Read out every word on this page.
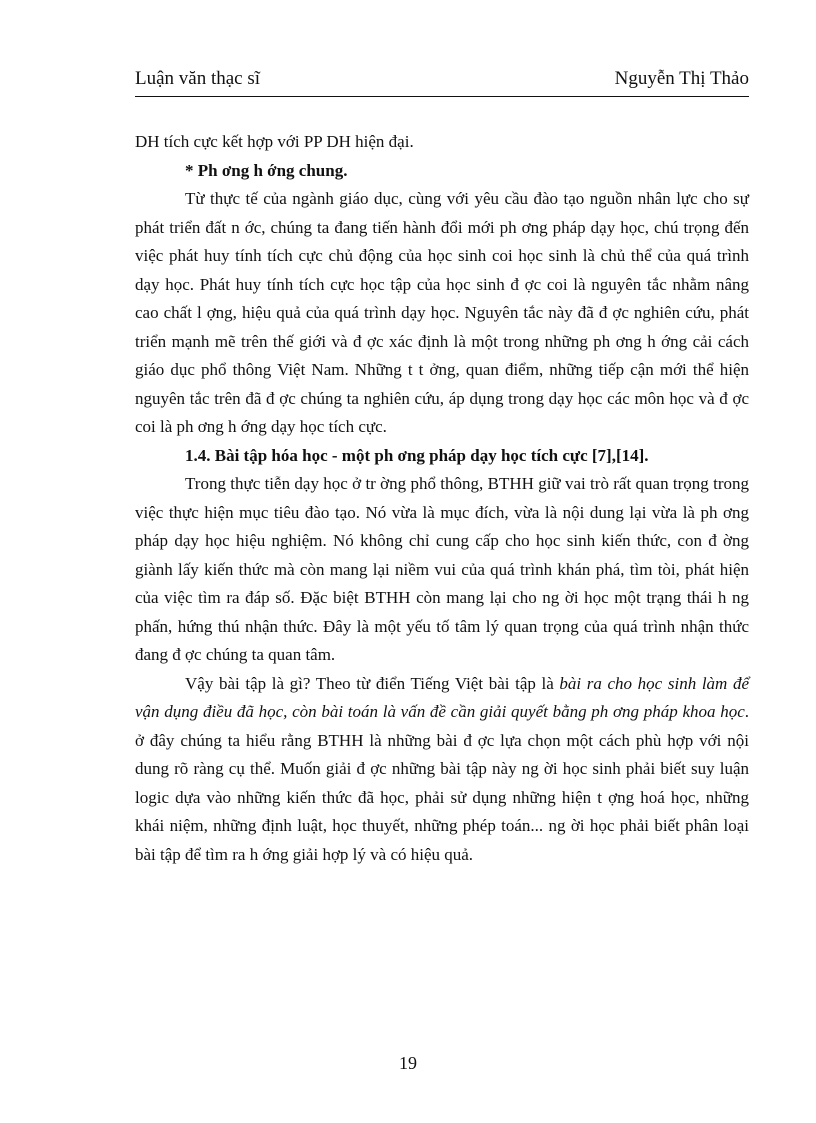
Luận văn thạc sĩ	Nguyễn Thị Thảo

DH tích cực kết hợp với PP DH hiện đại.

* Ph ơng h ớng chung.

Từ thực tế của ngành giáo dục, cùng với yêu cầu đào tạo nguồn nhân lực cho sự phát triển đất n ớc, chúng ta đang tiến hành đổi mới ph ơng pháp dạy học, chú trọng đến việc phát huy tính tích cực chủ động của học sinh coi học sinh là chủ thể của quá trình dạy học. Phát huy tính tích cực học tập của học sinh đ ợc coi là nguyên tắc nhằm nâng cao chất l ợng, hiệu quả của quá trình dạy học. Nguyên tắc này đã đ ợc nghiên cứu, phát triển mạnh mẽ trên thế giới và đ ợc xác định là một trong những ph ơng h ớng cải cách giáo dục phổ thông Việt Nam. Những t t ởng, quan điểm, những tiếp cận mới thể hiện nguyên tắc trên đã đ ợc chúng ta nghiên cứu, áp dụng trong dạy học các môn học và đ ợc coi là ph ơng h ớng dạy học tích cực.

1.4. Bài tập hóa học - một ph ơng pháp dạy học tích cực [7],[14].

Trong thực tiễn dạy học ở tr ờng phổ thông, BTHH giữ vai trò rất quan trọng trong việc thực hiện mục tiêu đào tạo. Nó vừa là mục đích, vừa là nội dung lại vừa là ph ơng pháp dạy học hiệu nghiệm. Nó không chỉ cung cấp cho học sinh kiến thức, con đ ờng giành lấy kiến thức mà còn mang lại niềm vui của quá trình khán phá, tìm tòi, phát hiện của việc tìm ra đáp số. Đặc biệt BTHH còn mang lại cho ng ời học một trạng thái h ng phấn, hứng thú nhận thức. Đây là một yếu tố tâm lý quan trọng của quá trình nhận thức đang đ ợc chúng ta quan tâm.

Vậy bài tập là gì? Theo từ điển Tiếng Việt bài tập là bài ra cho học sinh làm để vận dụng điều đã học, còn bài toán là vấn đề cần giải quyết bằng ph ơng pháp khoa học. ở đây chúng ta hiểu rằng BTHH là những bài đ ợc lựa chọn một cách phù hợp với nội dung rõ ràng cụ thể. Muốn giải đ ợc những bài tập này ng ời học sinh phải biết suy luận logic dựa vào những kiến thức đã học, phải sử dụng những hiện t ợng hoá học, những khái niệm, những định luật, học thuyết, những phép toán... ng ời học phải biết phân loại bài tập để tìm ra h ớng giải hợp lý và có hiệu quả.

19
